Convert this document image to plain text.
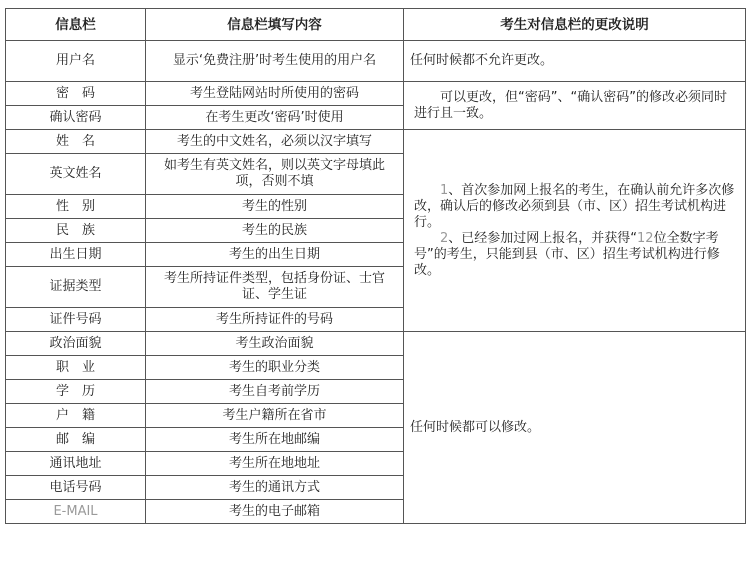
信息栏	信息栏填写内容	考生对信息栏的更改说明
用户名	显示‘免费注册’时考生使用的用户名	任何时候都不允许更改。
密　码	考生登陆网站时所使用的密码	可以更改，但“密码”、“确认密码”的修改必须同时进行且一致。

确认密码	在考生更改‘密码’时使用	
姓　名	考生的中文姓名，必须以汉字填写	1、首次参加网上报名的考生，在确认前允许多次修改，确认后的修改必须到县（市、区）招生考试机构进行。

2、已经参加过网上报名，并获得“12位全数字考号”的考生，只能到县（市、区）招生考试机构进行修改。

英文姓名	如考生有英文姓名，则以英文字母填此项，否则不填	
性　别	考生的性别	
民　族	考生的民族	
出生日期	考生的出生日期	
证据类型	考生所持证件类型，包括身份证、士官证、学生证	
证件号码	考生所持证件的号码	
政治面貌	考生政治面貌	任何时候都可以修改。
职　业	考生的职业分类	
学　历	考生自考前学历	
户　籍	考生户籍所在省市	
邮　编	考生所在地邮编	
通讯地址	考生所在地地址	
电话号码	考生的通讯方式	
E-MAIL	考生的电子邮箱	
